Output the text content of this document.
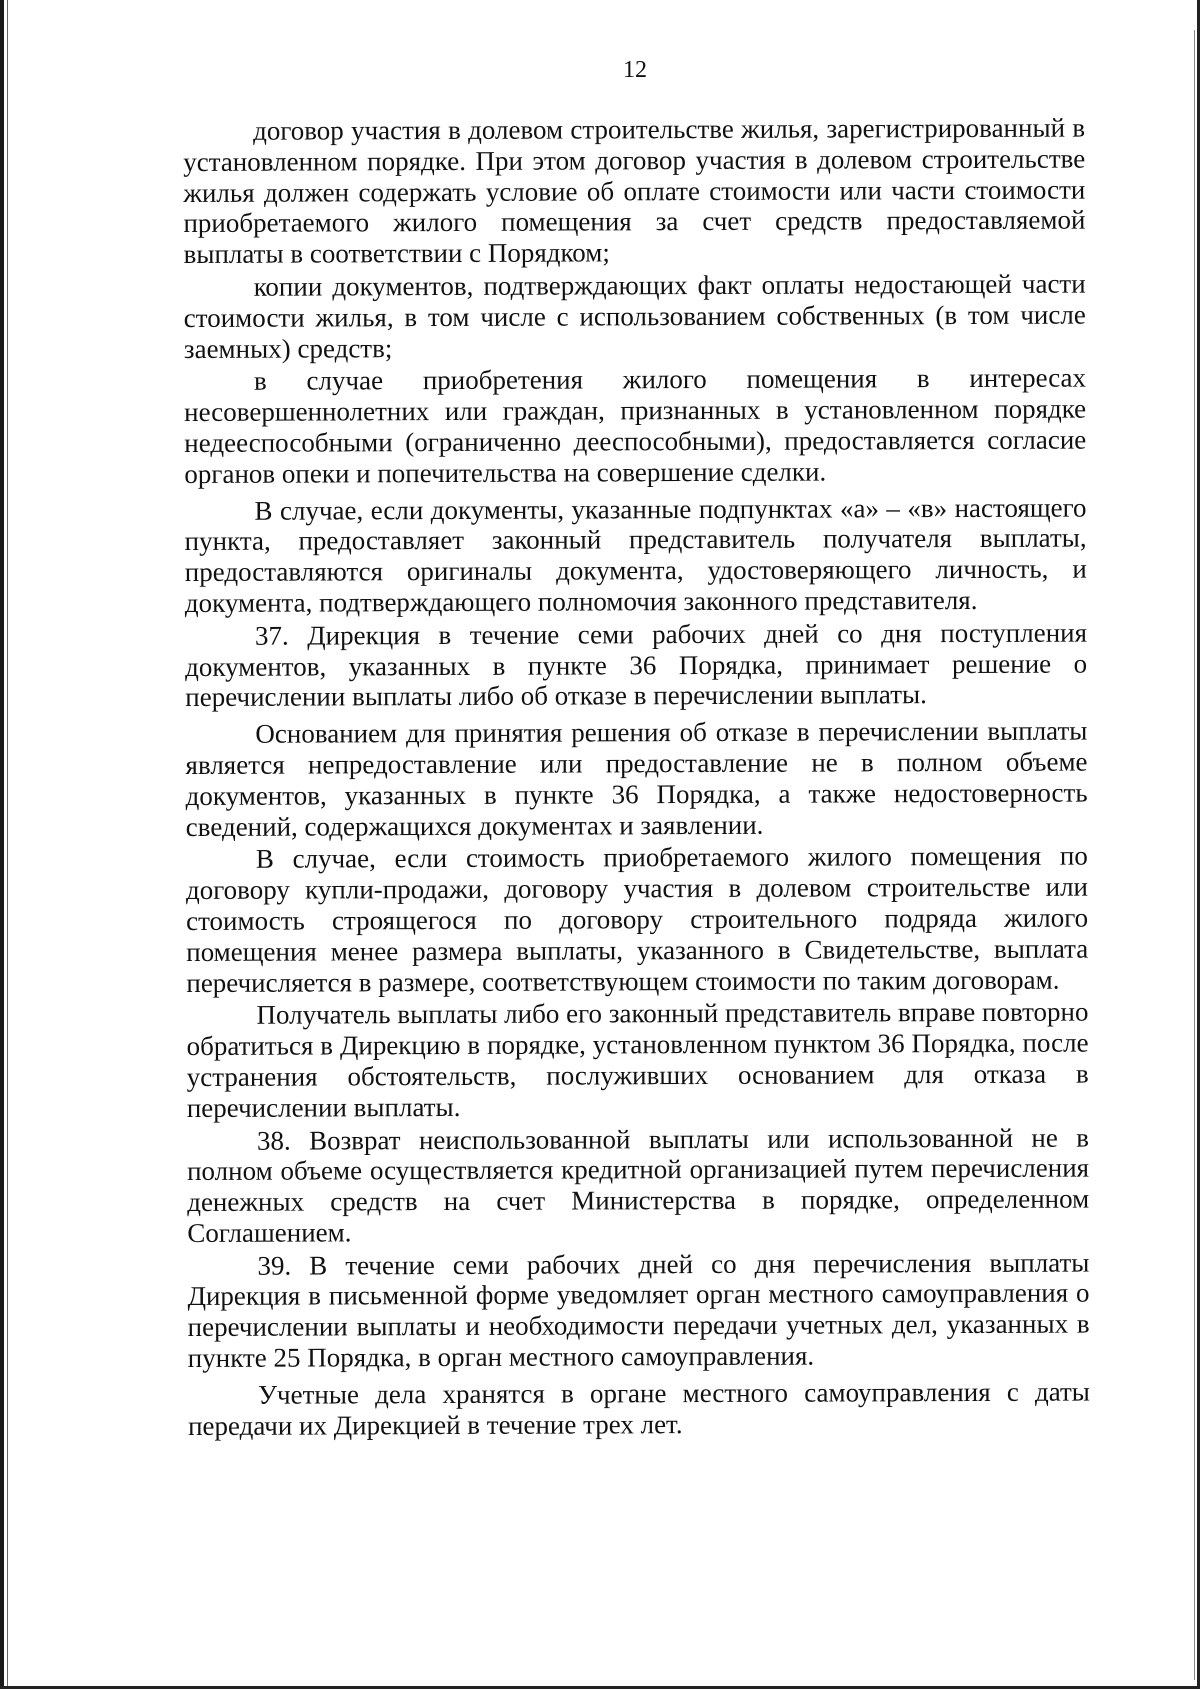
12

договор участия в долевом строительстве жилья, зарегистрированный в установленном порядке. При этом договор участия в долевом строительстве жилья должен содержать условие об оплате стоимости или части стоимости приобретаемого жилого помещения за счет средств предоставляемой выплаты в соответствии с Порядком;

копии документов, подтверждающих факт оплаты недостающей части стоимости жилья, в том числе с использованием собственных (в том числе заемных) средств;

в случае приобретения жилого помещения в интересах несовершеннолетних или граждан, признанных в установленном порядке недееспособными (ограниченно дееспособными), предоставляется согласие органов опеки и попечительства на совершение сделки.

В случае, если документы, указанные подпунктах «а» – «в» настоящего пункта, предоставляет законный представитель получателя выплаты, предоставляются оригиналы документа, удостоверяющего личность, и документа, подтверждающего полномочия законного представителя.

37. Дирекция в течение семи рабочих дней со дня поступления документов, указанных в пункте 36 Порядка, принимает решение о перечислении выплаты либо об отказе в перечислении выплаты.

Основанием для принятия решения об отказе в перечислении выплаты является непредоставление или предоставление не в полном объеме документов, указанных в пункте 36 Порядка, а также недостоверность сведений, содержащихся документах и заявлении.

В случае, если стоимость приобретаемого жилого помещения по договору купли-продажи, договору участия в долевом строительстве или стоимость строящегося по договору строительного подряда жилого помещения менее размера выплаты, указанного в Свидетельстве, выплата перечисляется в размере, соответствующем стоимости по таким договорам.

Получатель выплаты либо его законный представитель вправе повторно обратиться в Дирекцию в порядке, установленном пунктом 36 Порядка, после устранения обстоятельств, послуживших основанием для отказа в перечислении выплаты.

38. Возврат неиспользованной выплаты или использованной не в полном объеме осуществляется кредитной организацией путем перечисления денежных средств на счет Министерства в порядке, определенном Соглашением.

39. В течение семи рабочих дней со дня перечисления выплаты Дирекция в письменной форме уведомляет орган местного самоуправления о перечислении выплаты и необходимости передачи учетных дел, указанных в пункте 25 Порядка, в орган местного самоуправления.

Учетные дела хранятся в органе местного самоуправления с даты передачи их Дирекцией в течение трех лет.
